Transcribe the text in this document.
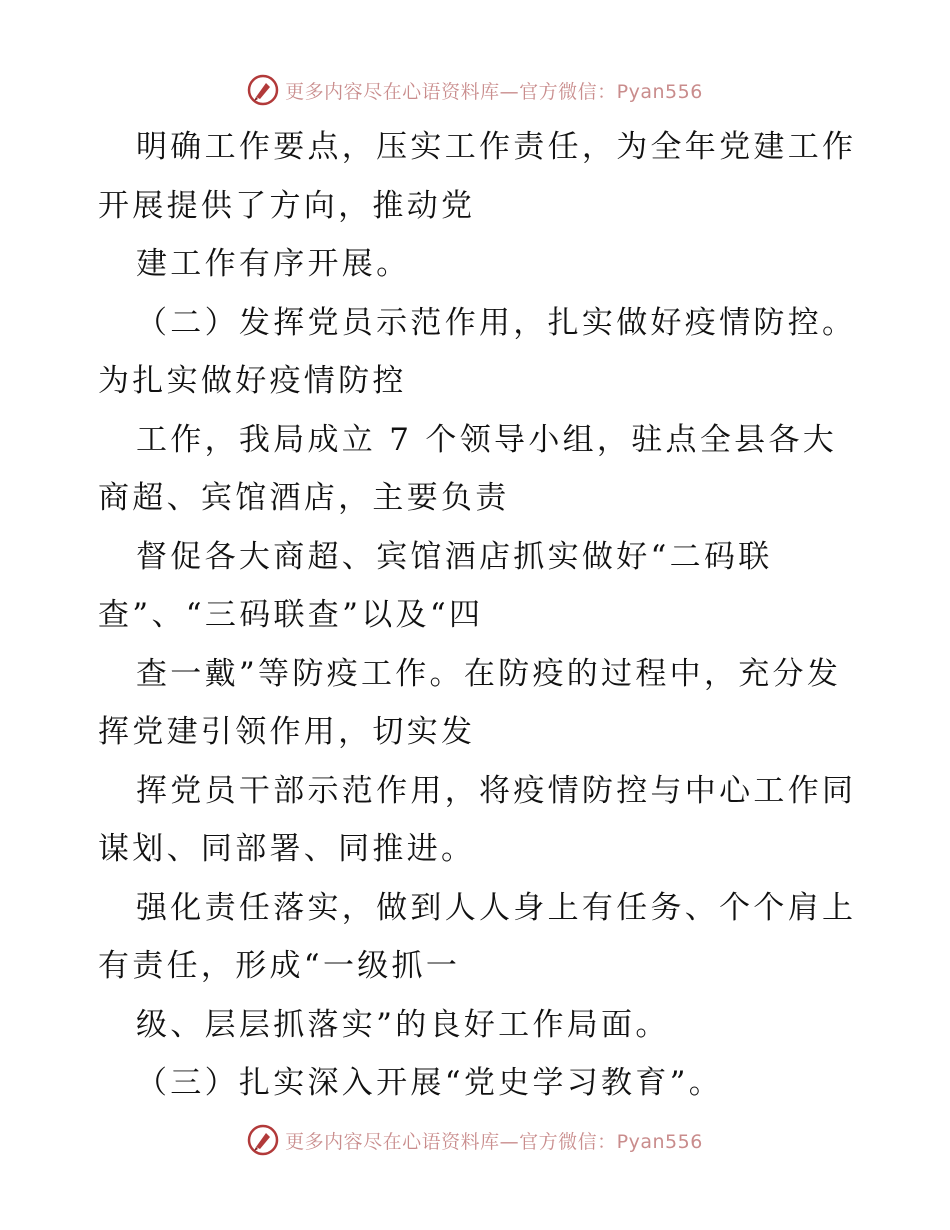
更多内容尽在心语资料库—官方微信：Pyan556
明确工作要点，压实工作责任，为全年党建工作
开展提供了方向，推动党
建工作有序开展。
（二）发挥党员示范作用，扎实做好疫情防控。
为扎实做好疫情防控
工作，我局成立 7 个领导小组，驻点全县各大
商超、宾馆酒店，主要负责
督促各大商超、宾馆酒店抓实做好“二码联
查”、“三码联查”以及“四
查一戴”等防疫工作。在防疫的过程中，充分发
挥党建引领作用，切实发
挥党员干部示范作用，将疫情防控与中心工作同
谋划、同部署、同推进。
强化责任落实，做到人人身上有任务、个个肩上
有责任，形成“一级抓一
级、层层抓落实”的良好工作局面。
（三）扎实深入开展“党史学习教育”。
更多内容尽在心语资料库—官方微信：Pyan556
